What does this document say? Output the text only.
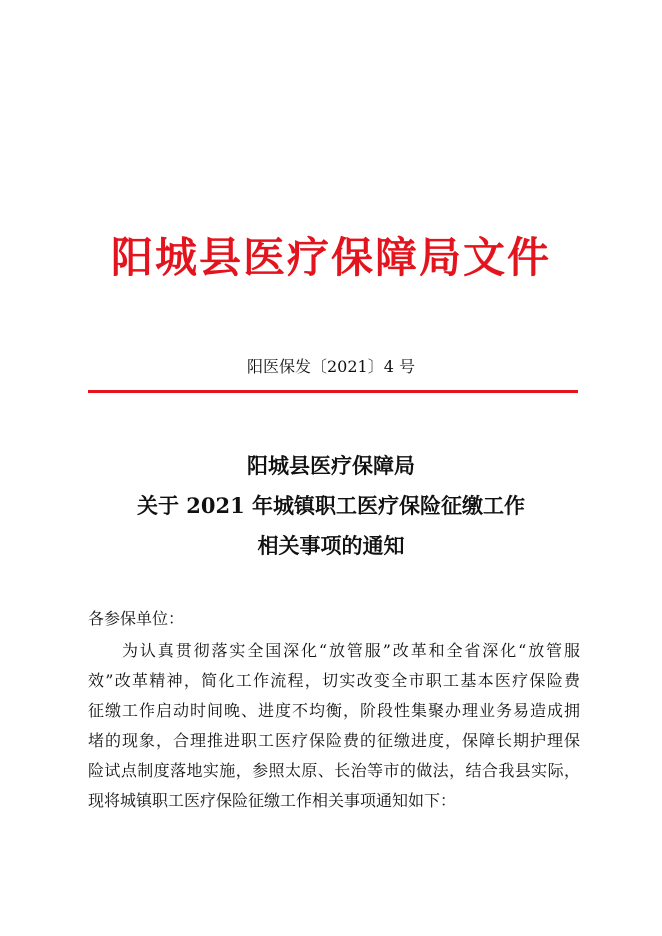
阳城县医疗保障局文件
阳医保发〔2021〕4 号
阳城县医疗保障局
关于 2021 年城镇职工医疗保险征缴工作
相关事项的通知
各参保单位：
为认真贯彻落实全国深化“放管服”改革和全省深化“放管服
效”改革精神，简化工作流程，切实改变全市职工基本医疗保险费
征缴工作启动时间晚、进度不均衡，阶段性集聚办理业务易造成拥
堵的现象，合理推进职工医疗保险费的征缴进度，保障长期护理保
险试点制度落地实施，参照太原、长治等市的做法，结合我县实际，
现将城镇职工医疗保险征缴工作相关事项通知如下：
